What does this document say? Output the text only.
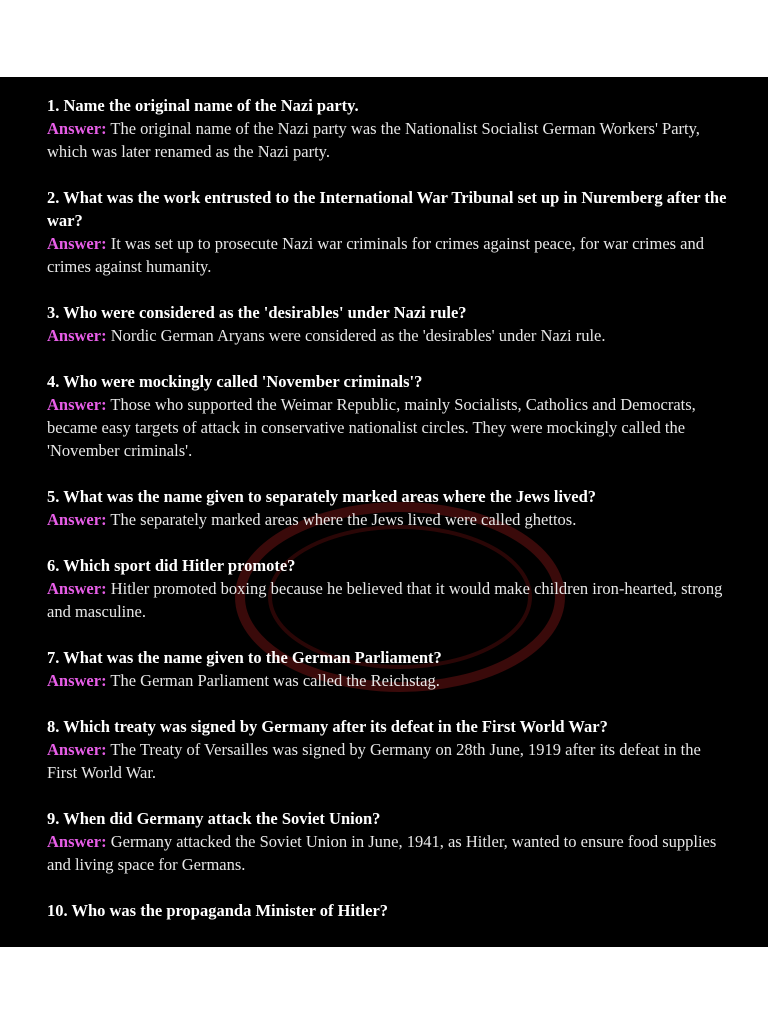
1. Name the original name of the Nazi party.
Answer: The original name of the Nazi party was the Nationalist Socialist German Workers' Party, which was later renamed as the Nazi party.
2. What was the work entrusted to the International War Tribunal set up in Nuremberg after the war?
Answer: It was set up to prosecute Nazi war criminals for crimes against peace, for war crimes and crimes against humanity.
3. Who were considered as the 'desirables' under Nazi rule?
Answer: Nordic German Aryans were considered as the 'desirables' under Nazi rule.
4. Who were mockingly called 'November criminals'?
Answer: Those who supported the Weimar Republic, mainly Socialists, Catholics and Democrats, became easy targets of attack in conservative nationalist circles. They were mockingly called the 'November criminals'.
5. What was the name given to separately marked areas where the Jews lived?
Answer: The separately marked areas where the Jews lived were called ghettos.
6. Which sport did Hitler promote?
Answer: Hitler promoted boxing because he believed that it would make children iron-hearted, strong and masculine.
7. What was the name given to the German Parliament?
Answer: The German Parliament was called the Reichstag.
8. Which treaty was signed by Germany after its defeat in the First World War?
Answer: The Treaty of Versailles was signed by Germany on 28th June, 1919 after its defeat in the First World War.
9. When did Germany attack the Soviet Union?
Answer: Germany attacked the Soviet Union in June, 1941, as Hitler, wanted to ensure food supplies and living space for Germans.
10. Who was the propaganda Minister of Hitler?
